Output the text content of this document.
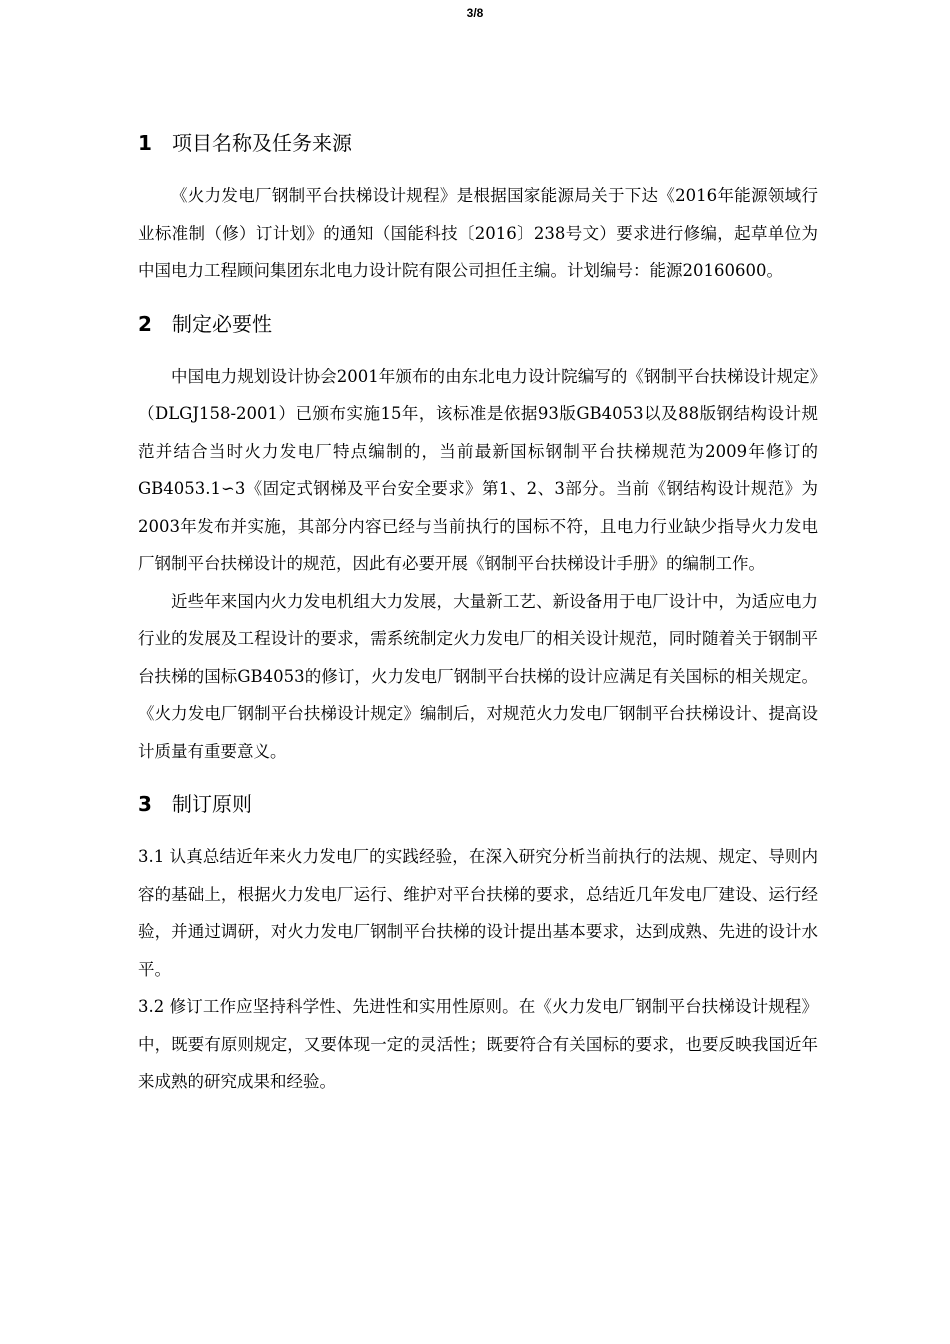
3/8
1 项目名称及任务来源

《火力发电厂钢制平台扶梯设计规程》是根据国家能源局关于下达《2016年能源领域行业标准制（修）订计划》的通知（国能科技〔2016〕238号文）要求进行修编，起草单位为中国电力工程顾问集团东北电力设计院有限公司担任主编。计划编号：能源20160600。

2 制定必要性

中国电力规划设计协会2001年颁布的由东北电力设计院编写的《钢制平台扶梯设计规定》（DLGJ158-2001）已颁布实施15年，该标准是依据93版GB4053以及88版钢结构设计规范并结合当时火力发电厂特点编制的，当前最新国标钢制平台扶梯规范为2009年修订的GB4053.1∽3《固定式钢梯及平台安全要求》第1、2、3部分。当前《钢结构设计规范》为2003年发布并实施，其部分内容已经与当前执行的国标不符，且电力行业缺少指导火力发电厂钢制平台扶梯设计的规范，因此有必要开展《钢制平台扶梯设计手册》的编制工作。

近些年来国内火力发电机组大力发展，大量新工艺、新设备用于电厂设计中，为适应电力行业的发展及工程设计的要求，需系统制定火力发电厂的相关设计规范，同时随着关于钢制平台扶梯的国标GB4053的修订，火力发电厂钢制平台扶梯的设计应满足有关国标的相关规定。《火力发电厂钢制平台扶梯设计规定》编制后，对规范火力发电厂钢制平台扶梯设计、提高设计质量有重要意义。

3 制订原则

3.1 认真总结近年来火力发电厂的实践经验，在深入研究分析当前执行的法规、规定、导则内容的基础上，根据火力发电厂运行、维护对平台扶梯的要求，总结近几年发电厂建设、运行经验，并通过调研，对火力发电厂钢制平台扶梯的设计提出基本要求，达到成熟、先进的设计水平。

3.2 修订工作应坚持科学性、先进性和实用性原则。在《火力发电厂钢制平台扶梯设计规程》中，既要有原则规定，又要体现一定的灵活性；既要符合有关国标的要求，也要反映我国近年来成熟的研究成果和经验。
